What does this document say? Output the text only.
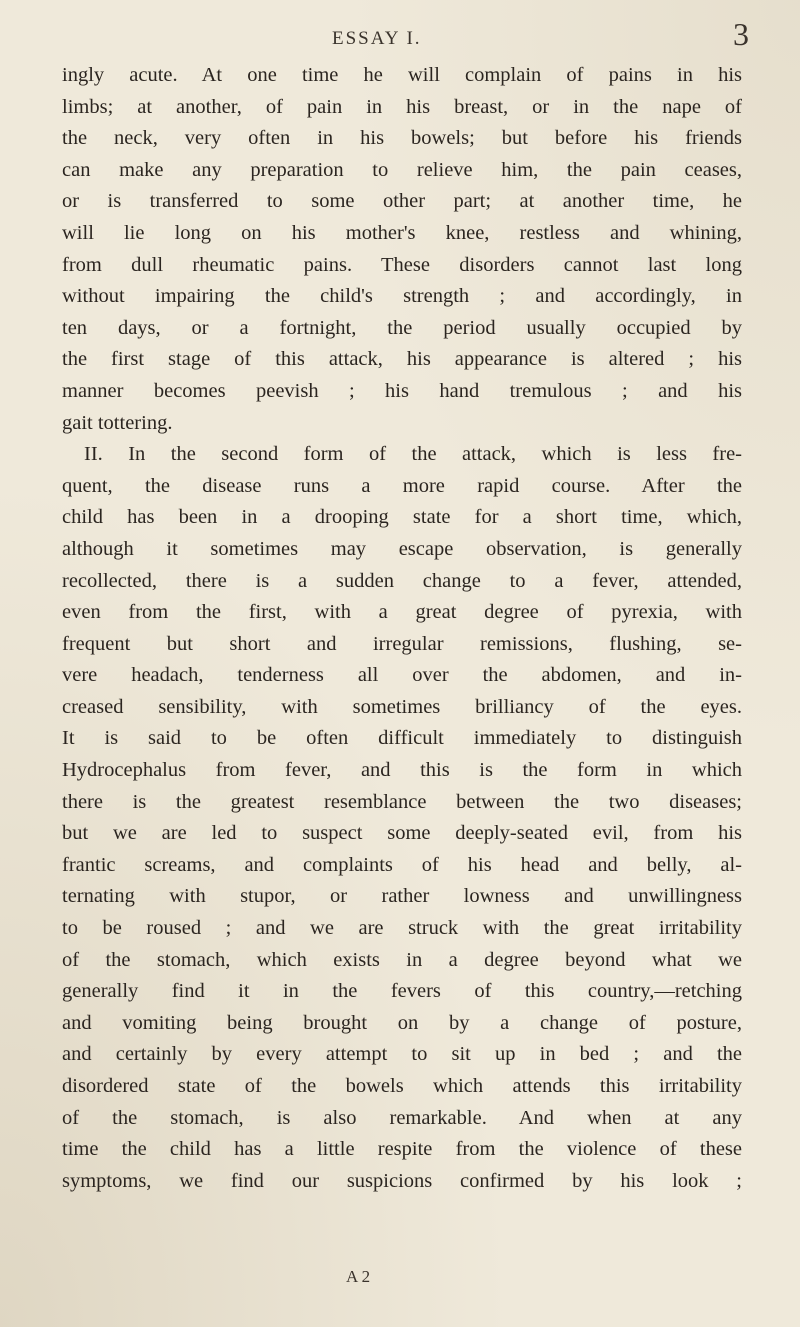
ESSAY I.	3
ingly acute. At one time he will complain of pains in his
limbs; at another, of pain in his breast, or in the nape of
the neck, very often in his bowels; but before his friends
can make any preparation to relieve him, the pain ceases,
or is transferred to some other part; at another time, he
will lie long on his mother's knee, restless and whining,
from dull rheumatic pains. These disorders cannot last long
without impairing the child's strength ; and accordingly, in
ten days, or a fortnight, the period usually occupied by
the first stage of this attack, his appearance is altered ; his
manner becomes peevish ; his hand tremulous ; and his
gait tottering.
II. In the second form of the attack, which is less fre-
quent, the disease runs a more rapid course. After the
child has been in a drooping state for a short time, which,
although it sometimes may escape observation, is generally
recollected, there is a sudden change to a fever, attended,
even from the first, with a great degree of pyrexia, with
frequent but short and irregular remissions, flushing, se-
vere headach, tenderness all over the abdomen, and in-
creased sensibility, with sometimes brilliancy of the eyes.
It is said to be often difficult immediately to distinguish
Hydrocephalus from fever, and this is the form in which
there is the greatest resemblance between the two diseases;
but we are led to suspect some deeply-seated evil, from his
frantic screams, and complaints of his head and belly, al-
ternating with stupor, or rather lowness and unwillingness
to be roused ; and we are struck with the great irritability
of the stomach, which exists in a degree beyond what we
generally find it in the fevers of this country,—retching
and vomiting being brought on by a change of posture,
and certainly by every attempt to sit up in bed ; and the
disordered state of the bowels which attends this irritability
of the stomach, is also remarkable. And when at any
time the child has a little respite from the violence of these
symptoms, we find our suspicions confirmed by his look ;
A 2
